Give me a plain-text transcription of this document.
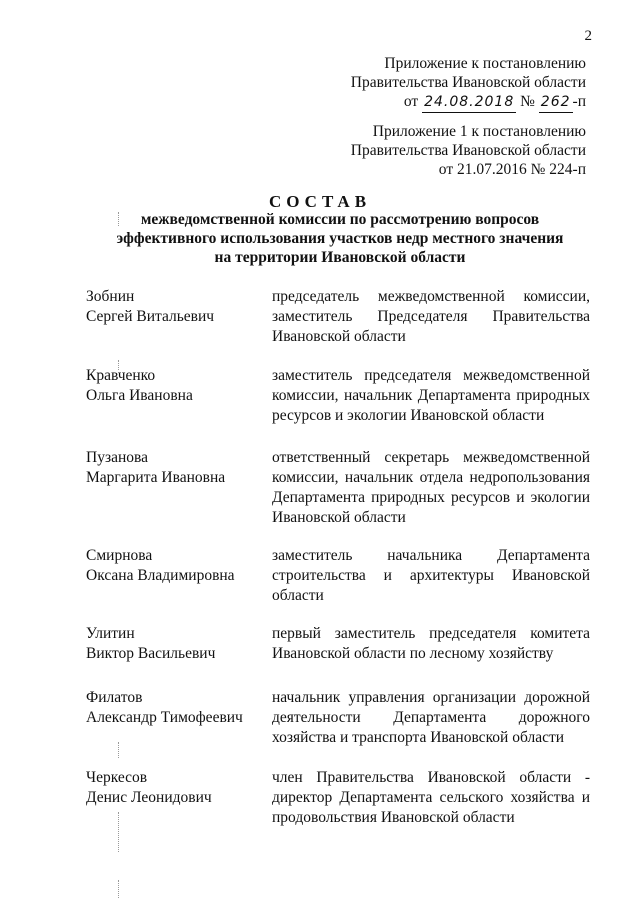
2
Приложение к постановлению
Правительства Ивановской области
от 24.08.2018 № 262 -п
Приложение 1 к постановлению
Правительства Ивановской области
от 21.07.2016 № 224-п
СОСТАВ
межведомственной комиссии по рассмотрению вопросов
эффективного использования участков недр местного значения
на территории Ивановской области
Зобнин
Сергей Витальевич
председатель межведомственной комиссии,
заместитель Председателя Правительства
Ивановской области
Кравченко
Ольга Ивановна
заместитель председателя межведомственной
комиссии, начальник Департамента природных
ресурсов и экологии Ивановской области
Пузанова
Маргарита Ивановна
ответственный секретарь межведомственной
комиссии, начальник отдела недропользования
Департамента природных ресурсов и экологии
Ивановской области
Смирнова
Оксана Владимировна
заместитель начальника Департамента
строительства и архитектуры Ивановской
области
Улитин
Виктор Васильевич
первый заместитель председателя комитета
Ивановской области по лесному хозяйству
Филатов
Александр Тимофеевич
начальник управления организации дорожной
деятельности Департамента дорожного
хозяйства и транспорта Ивановской области
Черкесов
Денис Леонидович
член Правительства Ивановской области -
директор Департамента сельского хозяйства и
продовольствия Ивановской области
